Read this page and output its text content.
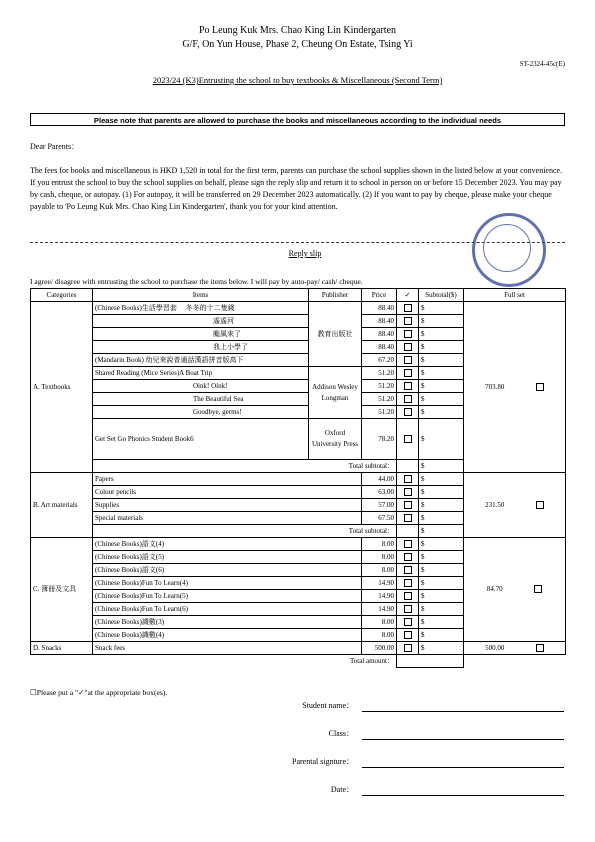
Po Leung Kuk Mrs. Chao King Lin Kindergarten
G/F, On Yun House, Phase 2, Cheung On Estate, Tsing Yi
ST-2324-45c(E)
2023/24 (K3)Entrusting the school to buy textbooks & Miscellaneous (Second Term)
Please note that parents are allowed to purchase the books and miscellaneous according to the individual needs
Dear Parents：
The fees for books and miscellaneous is HKD 1,520 in total for the first term, parents can purchase the school supplies shown in the listed below at your convenience. If you entrust the school to buy the school supplies on behalf, please sign the reply slip and return it to school in person on or before 15 December 2023. You may pay by cash, cheque, or autopay. (1) For autopay, it will be transferred on 29 December 2023 automatically. (2) If you want to pay by cheque, please make your cheque payable to 'Po Leung Kuk Mrs. Chao King Lin Kindergarten', thank you for your kind attention.
Reply slip
I agree/ disagree with entrusting the school to purchase the items below. I will pay by auto-pay/ cash/ cheque.
Categories	Items	Publisher	Price	✓	Subtotal($)	Full set
A. Textbooks	(Chinese Books)生活學習套　 冬冬的十二隻錢	教育出版社	88.40		$	703.80
	遙遙河		88.40		$	
	颱風來了		88.40		$	
	我上小學了		88.40		$	
	(Mandarin Book) 幼兒來說普通話漢語拼音版高下		67.20		$	
	Shared Reading (Mice Series)A Boat Trip	Addison Wesley Longman	51.20		$	
	Oink! Oink!		51.20		$	
	The Beautiful Sea		51.20		$	
	Goodbye, germs!		51.20		$	
	Get Set Go Phonics Student Book6	Oxford University Press	78.20		$	
	Total subtotal：				$	
B. Art materials	Papers		44.00		$	231.50
	Colour pencils		63.00		$	
	Supplies		57.00		$	
	Special materials		67.50		$	
	Total subtotal：				$	
C. 簿冊及文具	(Chinese Books)語文(4)		8.00		$	84.70
	(Chinese Books)語文(5)		8.00		$	
	(Chinese Books)語文(6)		8.00		$	
	(Chinese Books)Fun To Learn(4)		14.90		$	
	(Chinese Books)Fun To Learn(5)		14.90		$	
	(Chinese Books)Fun To Learn(6)		14.90		$	
	(Chinese Books)識數(3)		8.00		$	
	(Chinese Books)識數(4)		8.00		$	
D. Snacks	Snack fees		500.00		$	500.00
	Total amount：					
☐Please put a "✓"at the appropriate box(es).
Student name：
Class：
Parental signture：
Date：
